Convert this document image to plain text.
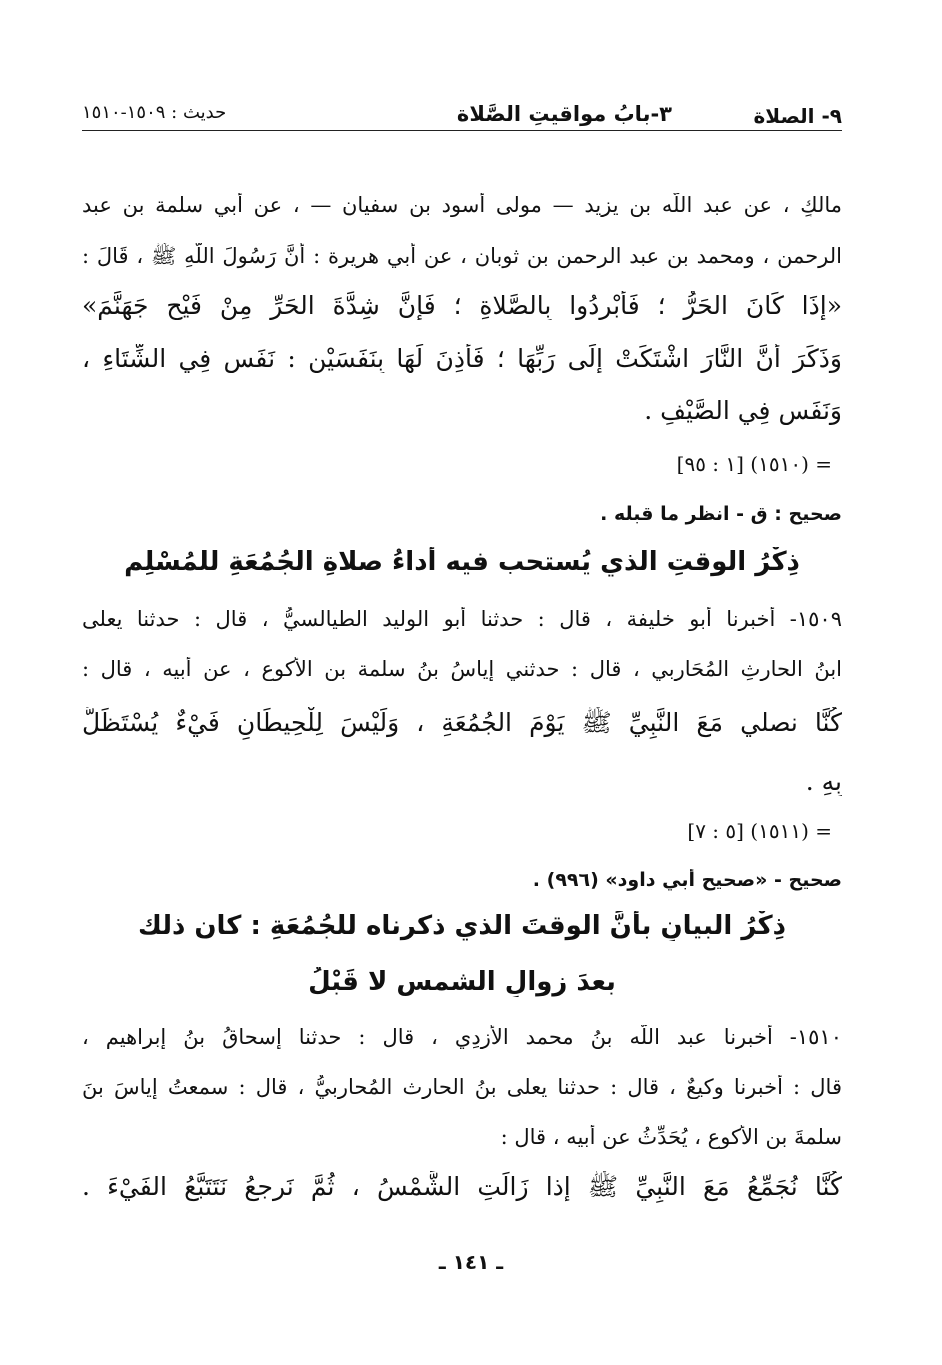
٩- الصلاة
٣-بابُ مواقيتِ الصَّلاة
حديث : ١٥٠٩-١٥١٠
مالكٍ ، عن عبد اللَّه بن يزيد — مولى أسود بن سفيان — ، عن أبي سلمة بن عبد
الرحمن ، ومحمد بن عبد الرحمن بن ثوبان ، عن أبي هريرة : أَنَّ رَسُولَ اللَّهِ ﷺ ، قَالَ :
«إِذَا كَانَ الحَرُّ ؛ فَأَبْرِدُوا بِالصَّلاةِ ؛ فَإِنَّ شِدَّةَ الحَرِّ مِنْ فَيْحِ جَهَنَّمَ»
وَذَكَرَ أَنَّ النَّارَ اشْتَكَتْ إِلَى رَبِّهَا ؛ فَأَذِنَ لَهَا بِنَفَسَيْنِ : نَفَسٍ فِي الشِّتَاءِ ،
وَنَفَسٍ فِي الصَّيْفِ .
= (١٥١٠) [١ : ٩٥]
صحيح : ق - انظر ما قبله .
ذِكْرُ الوقتِ الذي يُستحب فيه أداءُ صلاةِ الجُمُعَةِ للمُسْلِمِ
١٥٠٩- أخبرنا أبو خليفة ، قال : حدثنا أبو الوليد الطيالسيُّ ، قال : حدثنا يعلى
ابنُ الحارثِ المُحَاربي ، قال : حدثني إياسُ بنُ سلمة بن الأكوع ، عن أبيه ، قال :
كُنَّا نصلي مَعَ النَّبِيِّ ﷺ يَوْمَ الجُمُعَةِ ، وَلَيْسَ لِلْحِيطَانِ فَيْءٌ يُسْتَظَلُّ
بِهِ .
= (١٥١١) [٥ : ٧]
صحيح - «صحيح أبي داود» (٩٩٦) .
ذِكْرُ البيانِ بأنَّ الوقتَ الذي ذكرناه للجُمُعَةِ : كان ذلك
بعدَ زوالِ الشمس لا قَبْلُ
١٥١٠- أخبرنا عبد اللَّه بنُ محمد الأزدِي ، قال : حدثنا إسحاقُ بنُ إبراهيم ،
قال : أخبرنا وكيعٌ ، قال : حدثنا يعلى بنُ الحارث المُحاربيُّ ، قال : سمعتُ إياسَ بنَ
سلمةَ بن الأكوع ، يُحَدِّثُ عن أبيه ، قال :
كُنَّا نُجَمِّعُ مَعَ النَّبِيِّ ﷺ إذا زَالَتِ الشَّمْسُ ، ثُمَّ نَرجعُ نَتَتَبَّعُ الفَيْءَ .
ـ ١٤١ ـ
